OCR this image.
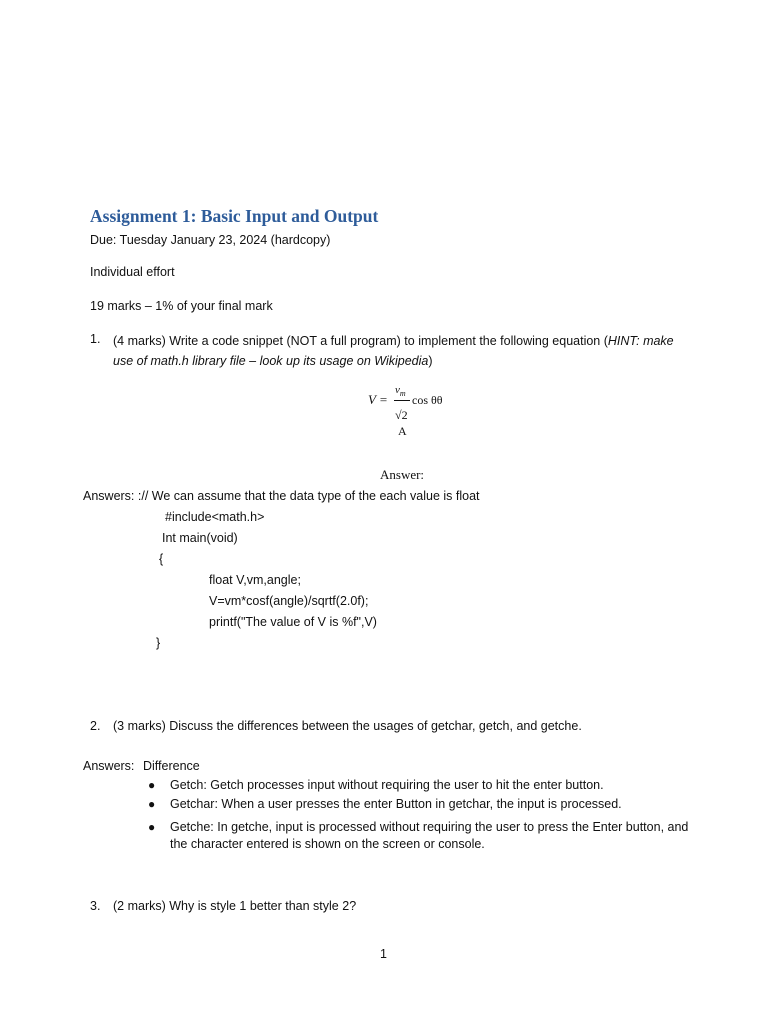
Assignment 1: Basic Input and Output
Due: Tuesday January 23, 2024 (hardcopy)
Individual effort
19 marks – 1% of your final mark
1.	(4 marks) Write a code snippet (NOT a full program) to implement the following equation (HINT: make use of math.h library file – look up its usage on Wikipedia)
V =
$v_m$
√2
cos θθ
A
Answer:
Answers: :// We can assume that the data type of the each value is float
#include<math.h>
Int main(void)
{
float V,vm,angle;
V=vm*cosf(angle)/sqrtf(2.0f);
printf("The value of V is %f",V)
}
2.	(3 marks) Discuss the differences between the usages of getchar, getch, and getche.
Answers: Difference
● Getch: Getch processes input without requiring the user to hit the enter button.
● Getchar: When a user presses the enter Button in getchar, the input is processed.
● Getche: In getche, input is processed without requiring the user to press the Enter button, and the character entered is shown on the screen or console.
3.	(2 marks) Why is style 1 better than style 2?
1
